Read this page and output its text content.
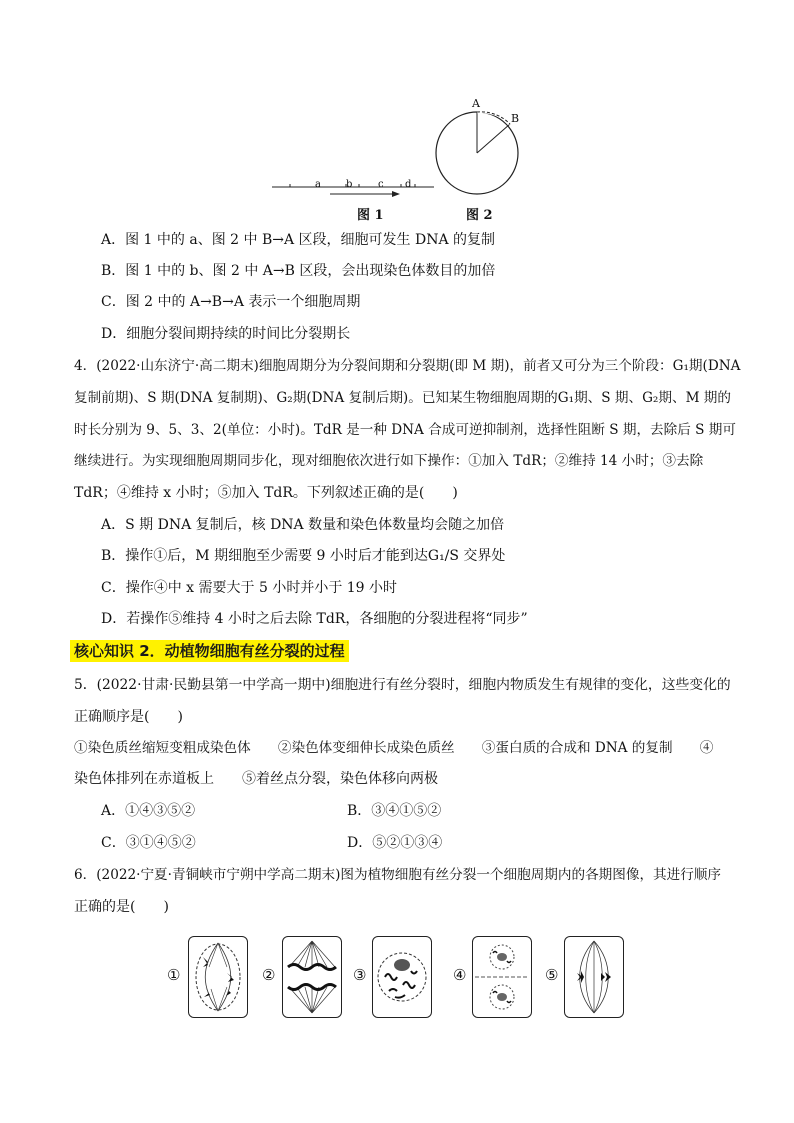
a	b	c d
A
B
图 1	图 2
A．图 1 中的 a、图 2 中 B→A 区段，细胞可发生 DNA 的复制
B．图 1 中的 b、图 2 中 A→B 区段，会出现染色体数目的加倍
C．图 2 中的 A→B→A 表示一个细胞周期
D．细胞分裂间期持续的时间比分裂期长
4．(2022·山东济宁·高二期末)细胞周期分为分裂间期和分裂期(即 M 期)，前者又可分为三个阶段：G₁期(DNA
复制前期)、S 期(DNA 复制期)、G₂期(DNA 复制后期)。已知某生物细胞周期的G₁期、S 期、G₂期、M 期的
时长分别为 9、5、3、2(单位：小时)。TdR 是一种 DNA 合成可逆抑制剂，选择性阻断 S 期，去除后 S 期可
继续进行。为实现细胞周期同步化，现对细胞依次进行如下操作：①加入 TdR；②维持 14 小时；③去除
TdR；④维持 x 小时；⑤加入 TdR。下列叙述正确的是(　　)
A．S 期 DNA 复制后，核 DNA 数量和染色体数量均会随之加倍
B．操作①后，M 期细胞至少需要 9 小时后才能到达G₁/S 交界处
C．操作④中 x 需要大于 5 小时并小于 19 小时
D．若操作⑤维持 4 小时之后去除 TdR，各细胞的分裂进程将“同步”
核心知识 2．动植物细胞有丝分裂的过程
5．(2022·甘肃·民勤县第一中学高一期中)细胞进行有丝分裂时，细胞内物质发生有规律的变化，这些变化的
正确顺序是(　　)
①染色质丝缩短变粗成染色体　　②染色体变细伸长成染色质丝　　③蛋白质的合成和 DNA 的复制　　④
染色体排列在赤道板上　　⑤着丝点分裂，染色体移向两极
A．①④③⑤②	B．③④①⑤②
C．③①④⑤②	D．⑤②①③④
6．(2022·宁夏·青铜峡市宁朔中学高二期末)图为植物细胞有丝分裂一个细胞周期内的各期图像，其进行顺序
正确的是(　　)
①	②	③	④	⑤
